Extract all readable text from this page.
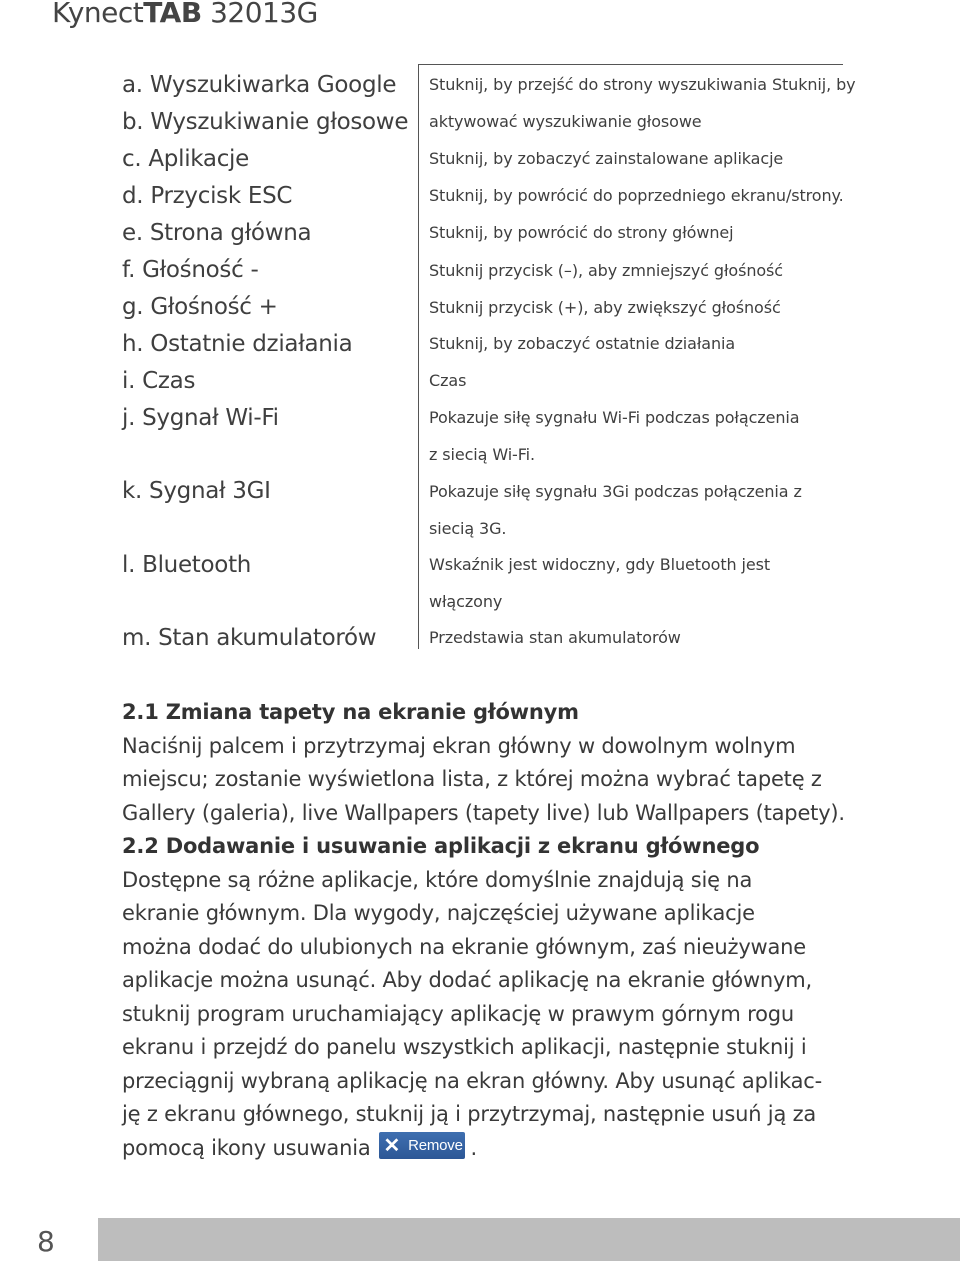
KynectTAB 32013G
a. Wyszukiwarka Google
b. Wyszukiwanie głosowe
c. Aplikacje
d. Przycisk ESC
e. Strona główna
f. Głośność -
g. Głośność +
h. Ostatnie działania
i. Czas
j. Sygnał Wi-Fi
k. Sygnał 3GI
l. Bluetooth
m. Stan akumulatorów
Stuknij, by przejść do strony wyszukiwania Stuknij, by
aktywować wyszukiwanie głosowe
Stuknij, by zobaczyć zainstalowane aplikacje
Stuknij, by powrócić do poprzedniego ekranu/strony.
Stuknij, by powrócić do strony głównej
Stuknij przycisk (–), aby zmniejszyć głośność
Stuknij przycisk (+), aby zwiększyć głośność
Stuknij, by zobaczyć ostatnie działania
Czas
Pokazuje siłę sygnału Wi-Fi podczas połączenia
z siecią Wi-Fi.
Pokazuje siłę sygnału 3Gi podczas połączenia z
siecią 3G.
Wskaźnik jest widoczny, gdy Bluetooth jest
włączony
Przedstawia stan akumulatorów
2.1 Zmiana tapety na ekranie głównym
Naciśnij palcem i przytrzymaj ekran główny w dowolnym wolnym
miejscu; zostanie wyświetlona lista, z której można wybrać tapetę z
Gallery (galeria), live Wallpapers (tapety live) lub Wallpapers (tapety).
2.2 Dodawanie i usuwanie aplikacji z ekranu głównego
Dostępne są różne aplikacje, które domyślnie znajdują się na
ekranie głównym. Dla wygody, najczęściej używane aplikacje
można dodać do ulubionych na ekranie głównym, zaś nieużywane
aplikacje można usunąć. Aby dodać aplikację na ekranie głównym,
stuknij program uruchamiający aplikację w prawym górnym rogu
ekranu i przejdź do panelu wszystkich aplikacji, następnie stuknij i
przeciągnij wybraną aplikację na ekran główny. Aby usunąć aplikac-
ję z ekranu głównego, stuknij ją i przytrzymaj, następnie usuń ją za
pomocą ikony usuwania ✕ Remove .
8
